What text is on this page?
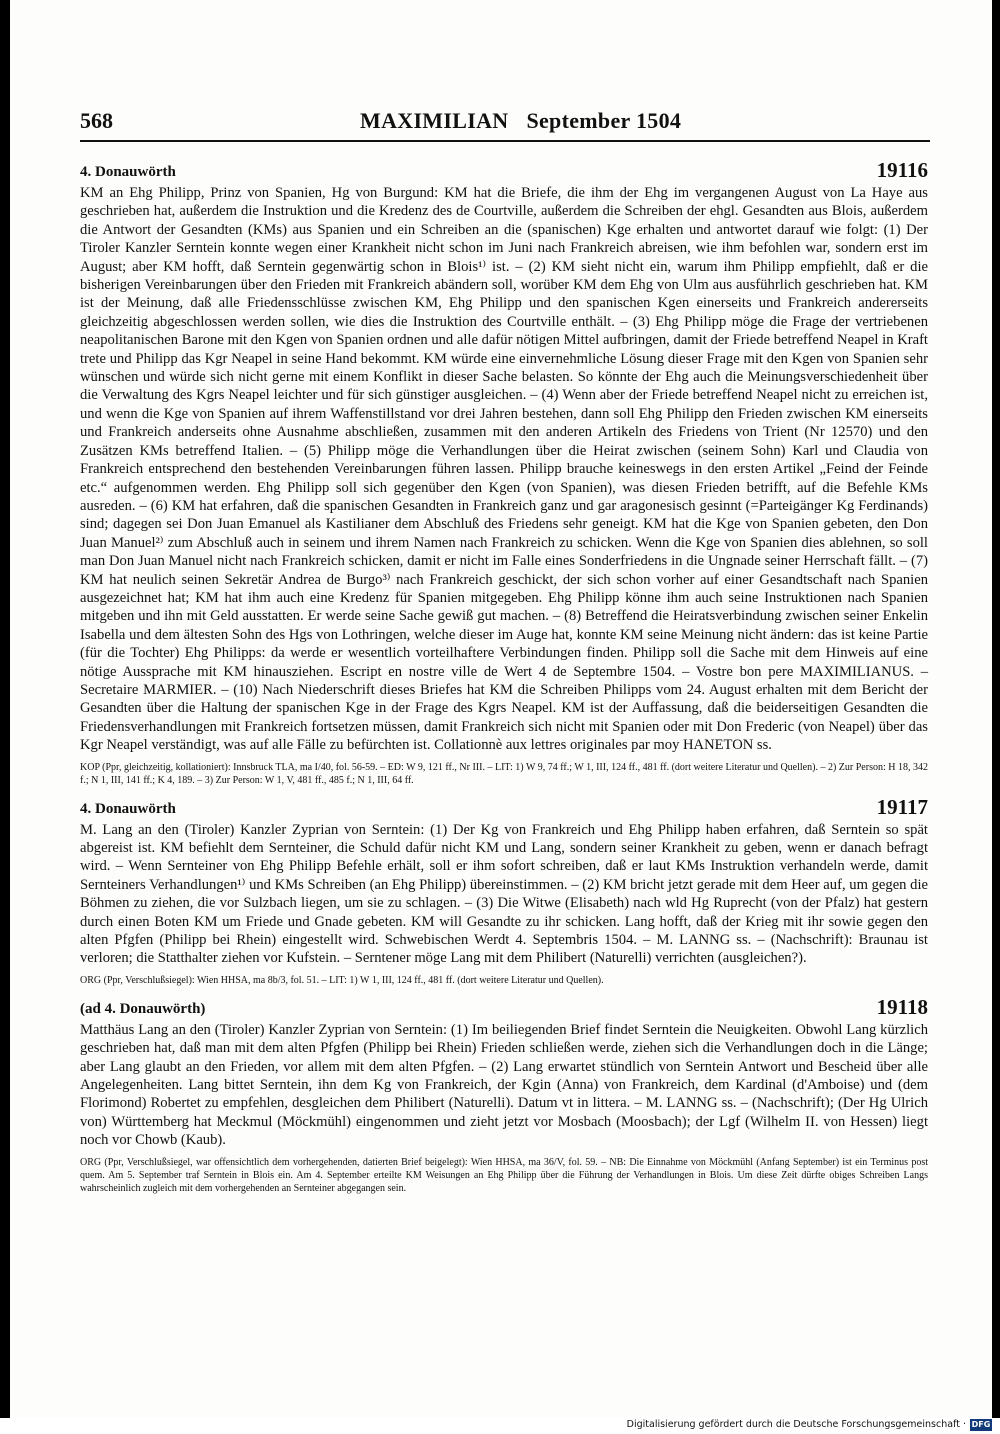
568	MAXIMILIAN September 1504
4. Donauwörth	19116
KM an Ehg Philipp, Prinz von Spanien, Hg von Burgund: KM hat die Briefe, die ihm der Ehg im vergangenen August von La Haye aus geschrieben hat, außerdem die Instruktion und die Kredenz des de Courtville, außerdem die Schreiben der ehgl. Gesandten aus Blois, außerdem die Antwort der Gesandten (KMs) aus Spanien und ein Schreiben an die (spanischen) Kge erhalten und antwortet darauf wie folgt: (1) Der Tiroler Kanzler Serntein konnte wegen einer Krankheit nicht schon im Juni nach Frankreich abreisen, wie ihm befohlen war, sondern erst im August; aber KM hofft, daß Serntein gegenwärtig schon in Blois¹⁾ ist. – (2) KM sieht nicht ein, warum ihm Philipp empfiehlt, daß er die bisherigen Vereinbarungen über den Frieden mit Frankreich abändern soll, worüber KM dem Ehg von Ulm aus ausführlich geschrieben hat. KM ist der Meinung, daß alle Friedensschlüsse zwischen KM, Ehg Philipp und den spanischen Kgen einerseits und Frankreich andererseits gleichzeitig abgeschlossen werden sollen, wie dies die Instruktion des Courtville enthält. – (3) Ehg Philipp möge die Frage der vertriebenen neapolitanischen Barone mit den Kgen von Spanien ordnen und alle dafür nötigen Mittel aufbringen, damit der Friede betreffend Neapel in Kraft trete und Philipp das Kgr Neapel in seine Hand bekommt. KM würde eine einvernehmliche Lösung dieser Frage mit den Kgen von Spanien sehr wünschen und würde sich nicht gerne mit einem Konflikt in dieser Sache belasten. So könnte der Ehg auch die Meinungsverschiedenheit über die Verwaltung des Kgrs Neapel leichter und für sich günstiger ausgleichen. – (4) Wenn aber der Friede betreffend Neapel nicht zu erreichen ist, und wenn die Kge von Spanien auf ihrem Waffenstillstand vor drei Jahren bestehen, dann soll Ehg Philipp den Frieden zwischen KM einerseits und Frankreich anderseits ohne Ausnahme abschließen, zusammen mit den anderen Artikeln des Friedens von Trient (Nr 12570) und den Zusätzen KMs betreffend Italien. – (5) Philipp möge die Verhandlungen über die Heirat zwischen (seinem Sohn) Karl und Claudia von Frankreich entsprechend den bestehenden Vereinbarungen führen lassen. Philipp brauche keineswegs in den ersten Artikel „Feind der Feinde etc.“ aufgenommen werden. Ehg Philipp soll sich gegenüber den Kgen (von Spanien), was diesen Frieden betrifft, auf die Befehle KMs ausreden. – (6) KM hat erfahren, daß die spanischen Gesandten in Frankreich ganz und gar aragonesisch gesinnt (=Parteigänger Kg Ferdinands) sind; dagegen sei Don Juan Emanuel als Kastilianer dem Abschluß des Friedens sehr geneigt. KM hat die Kge von Spanien gebeten, den Don Juan Manuel²⁾ zum Abschluß auch in seinem und ihrem Namen nach Frankreich zu schicken. Wenn die Kge von Spanien dies ablehnen, so soll man Don Juan Manuel nicht nach Frankreich schicken, damit er nicht im Falle eines Sonderfriedens in die Ungnade seiner Herrschaft fällt. – (7) KM hat neulich seinen Sekretär Andrea de Burgo³⁾ nach Frankreich geschickt, der sich schon vorher auf einer Gesandtschaft nach Spanien ausgezeichnet hat; KM hat ihm auch eine Kredenz für Spanien mitgegeben. Ehg Philipp könne ihm auch seine Instruktionen nach Spanien mitgeben und ihn mit Geld ausstatten. Er werde seine Sache gewiß gut machen. – (8) Betreffend die Heiratsverbindung zwischen seiner Enkelin Isabella und dem ältesten Sohn des Hgs von Lothringen, welche dieser im Auge hat, konnte KM seine Meinung nicht ändern: das ist keine Partie (für die Tochter) Ehg Philipps: da werde er wesentlich vorteilhaftere Verbindungen finden. Philipp soll die Sache mit dem Hinweis auf eine nötige Aussprache mit KM hinausziehen. Escript en nostre ville de Wert 4 de Septembre 1504. – Vostre bon pere MAXIMILIANUS. – Secretaire MARMIER. – (10) Nach Niederschrift dieses Briefes hat KM die Schreiben Philipps vom 24. August erhalten mit dem Bericht der Gesandten über die Haltung der spanischen Kge in der Frage des Kgrs Neapel. KM ist der Auffassung, daß die beiderseitigen Gesandten die Friedensverhandlungen mit Frankreich fortsetzen müssen, damit Frankreich sich nicht mit Spanien oder mit Don Frederic (von Neapel) über das Kgr Neapel verständigt, was auf alle Fälle zu befürchten ist. Collationnè aux lettres originales par moy HANETON ss.
KOP (Ppr, gleichzeitig, kollationiert): Innsbruck TLA, ma I/40, fol. 56-59. – ED: W 9, 121 ff., Nr III. – LIT: 1) W 9, 74 ff.; W 1, III, 124 ff., 481 ff. (dort weitere Literatur und Quellen). – 2) Zur Person: H 18, 342 f.; N 1, III, 141 ff.; K 4, 189. – 3) Zur Person: W 1, V, 481 ff., 485 f.; N 1, III, 64 ff.
4. Donauwörth	19117
M. Lang an den (Tiroler) Kanzler Zyprian von Serntein: (1) Der Kg von Frankreich und Ehg Philipp haben erfahren, daß Serntein so spät abgereist ist. KM befiehlt dem Sernteiner, die Schuld dafür nicht KM und Lang, sondern seiner Krankheit zu geben, wenn er danach befragt wird. – Wenn Sernteiner von Ehg Philipp Befehle erhält, soll er ihm sofort schreiben, daß er laut KMs Instruktion verhandeln werde, damit Sernteiners Verhandlungen¹⁾ und KMs Schreiben (an Ehg Philipp) übereinstimmen. – (2) KM bricht jetzt gerade mit dem Heer auf, um gegen die Böhmen zu ziehen, die vor Sulzbach liegen, um sie zu schlagen. – (3) Die Witwe (Elisabeth) nach wld Hg Ruprecht (von der Pfalz) hat gestern durch einen Boten KM um Friede und Gnade gebeten. KM will Gesandte zu ihr schicken. Lang hofft, daß der Krieg mit ihr sowie gegen den alten Pfgfen (Philipp bei Rhein) eingestellt wird. Schwebischen Werdt 4. Septembris 1504. – M. LANNG ss. – (Nachschrift): Braunau ist verloren; die Statthalter ziehen vor Kufstein. – Serntener möge Lang mit dem Philibert (Naturelli) verrichten (ausgleichen?).
ORG (Ppr, Verschlußsiegel): Wien HHSA, ma 8b/3, fol. 51. – LIT: 1) W 1, III, 124 ff., 481 ff. (dort weitere Literatur und Quellen).
(ad 4. Donauwörth)	19118
Matthäus Lang an den (Tiroler) Kanzler Zyprian von Serntein: (1) Im beiliegenden Brief findet Serntein die Neuigkeiten. Obwohl Lang kürzlich geschrieben hat, daß man mit dem alten Pfgfen (Philipp bei Rhein) Frieden schließen werde, ziehen sich die Verhandlungen doch in die Länge; aber Lang glaubt an den Frieden, vor allem mit dem alten Pfgfen. – (2) Lang erwartet stündlich von Serntein Antwort und Bescheid über alle Angelegenheiten. Lang bittet Serntein, ihn dem Kg von Frankreich, der Kgin (Anna) von Frankreich, dem Kardinal (d'Amboise) und (dem Florimond) Robertet zu empfehlen, desgleichen dem Philibert (Naturelli). Datum vt in littera. – M. LANNG ss. – (Nachschrift); (Der Hg Ulrich von) Württemberg hat Meckmul (Möckmühl) eingenommen und zieht jetzt vor Mosbach (Moosbach); der Lgf (Wilhelm II. von Hessen) liegt noch vor Chowb (Kaub).
ORG (Ppr, Verschlußsiegel, war offensichtlich dem vorhergehenden, datierten Brief beigelegt): Wien HHSA, ma 36/V, fol. 59. – NB: Die Einnahme von Möckmühl (Anfang September) ist ein Terminus post quem. Am 5. September traf Serntein in Blois ein. Am 4. September erteilte KM Weisungen an Ehg Philipp über die Führung der Verhandlungen in Blois. Um diese Zeit dürfte obiges Schreiben Langs wahrscheinlich zugleich mit dem vorhergehenden an Sernteiner abgegangen sein.
Digitalisierung gefördert durch die Deutsche Forschungsgemeinschaft · DFG
